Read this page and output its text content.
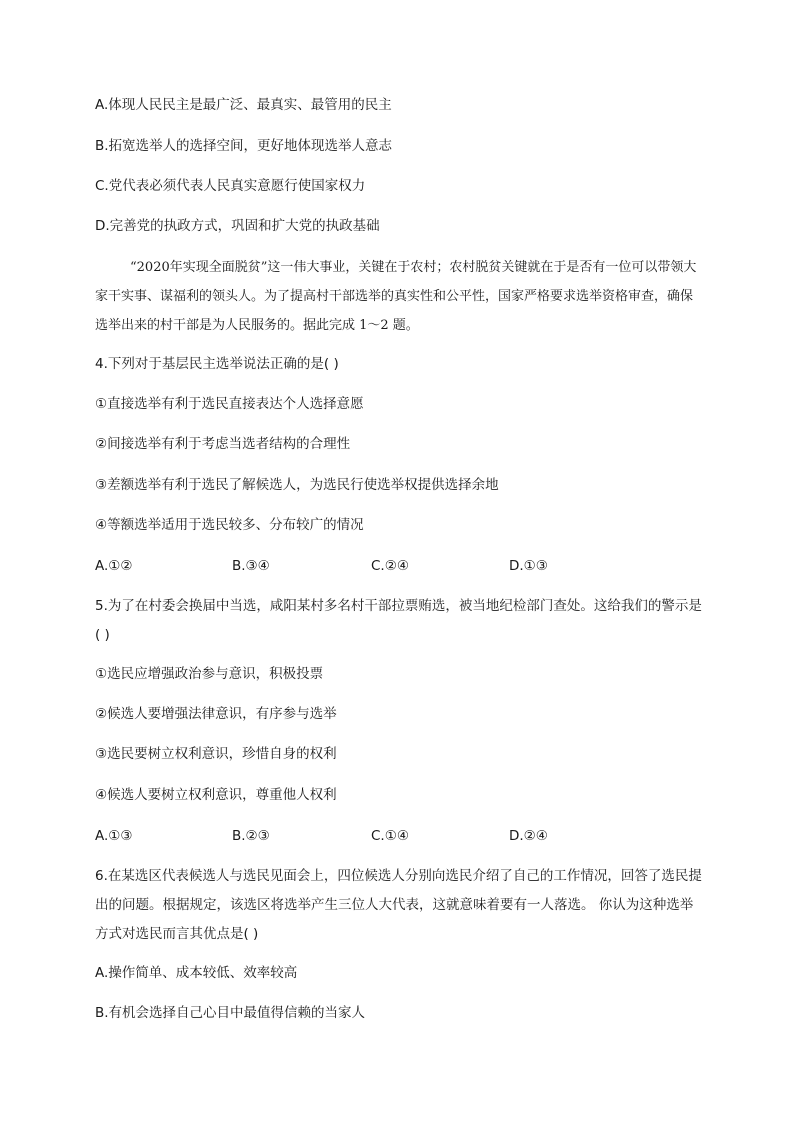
A.体现人民民主是最广泛、最真实、最管用的民主
B.拓宽选举人的选择空间，更好地体现选举人意志
C.党代表必须代表人民真实意愿行使国家权力
D.完善党的执政方式，巩固和扩大党的执政基础
“2020年实现全面脱贫”这一伟大事业，关键在于农村；农村脱贫关键就在于是否有一位可以带领大家干实事、谋福利的领头人。为了提高村干部选举的真实性和公平性，国家严格要求选举资格审查，确保选举出来的村干部是为人民服务的。据此完成 1～2 题。
4.下列对于基层民主选举说法正确的是( )
①直接选举有利于选民直接表达个人选择意愿
②间接选举有利于考虑当选者结构的合理性
③差额选举有利于选民了解候选人，为选民行使选举权提供选择余地
④等额选举适用于选民较多、分布较广的情况
A.①②	B.③④	C.②④	D.①③
5.为了在村委会换届中当选，咸阳某村多名村干部拉票贿选，被当地纪检部门查处。这给我们的警示是( )
①选民应增强政治参与意识，积极投票
②候选人要增强法律意识，有序参与选举
③选民要树立权利意识，珍惜自身的权利
④候选人要树立权利意识，尊重他人权利
A.①③	B.②③	C.①④	D.②④
6.在某选区代表候选人与选民见面会上，四位候选人分别向选民介绍了自己的工作情况，回答了选民提出的问题。根据规定，该选区将选举产生三位人大代表，这就意味着要有一人落选。 你认为这种选举方式对选民而言其优点是( )
A.操作简单、成本较低、效率较高
B.有机会选择自己心目中最值得信赖的当家人
